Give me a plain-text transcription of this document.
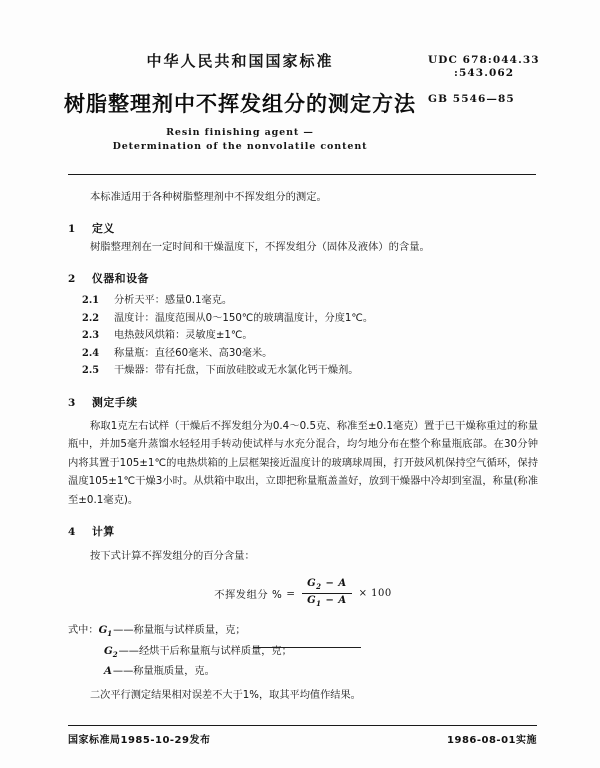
中华人民共和国国家标准
树脂整理剂中不挥发组分的测定方法
Resin finishing agent —
Determination of the nonvolatile content
UDC 678:044.33
:543.062
GB 5546—85

本标准适用于各种树脂整理剂中不挥发组分的测定。

1	定义

树脂整理剂在一定时间和干燥温度下，不挥发组分（固体及液体）的含量。

2	仪器和设备
2.1	分析天平：感量0.1毫克。
2.2	温度计：温度范围从0～150℃的玻璃温度计，分度1℃。
2.3	电热鼓风烘箱：灵敏度±1℃。
2.4	称量瓶：直径60毫米、高30毫米。
2.5	干燥器：带有托盘，下面放硅胶或无水氯化钙干燥剂。
3	测定手续

称取1克左右试样（干燥后不挥发组分为0.4～0.5克、称准至±0.1毫克）置于已干燥称重过的称量瓶中，并加5毫升蒸馏水轻轻用手转动使试样与水充分混合，均匀地分布在整个称量瓶底部。在30分钟内将其置于105±1℃的电热烘箱的上层框架接近温度计的玻璃球周围，打开鼓风机保持空气循环，保持温度105±1℃干燥3小时。从烘箱中取出，立即把称量瓶盖盖好，放到干燥器中冷却到室温，称量(称准至±0.1毫克)。

4	计算

按下式计算不挥发组分的百分含量：

不挥发组分 % = $\frac{G_2 - A}{G_1 - A} \times 100$
式中： $G_1$ ——称量瓶与试样质量，克；
$G_2$ ——经烘干后称量瓶与试样质量，克；
A ——称量瓶质量，克。

二次平行测定结果相对误差不大于1%，取其平均值作结果。

国家标准局1985-10-29发布	1986-08-01实施
